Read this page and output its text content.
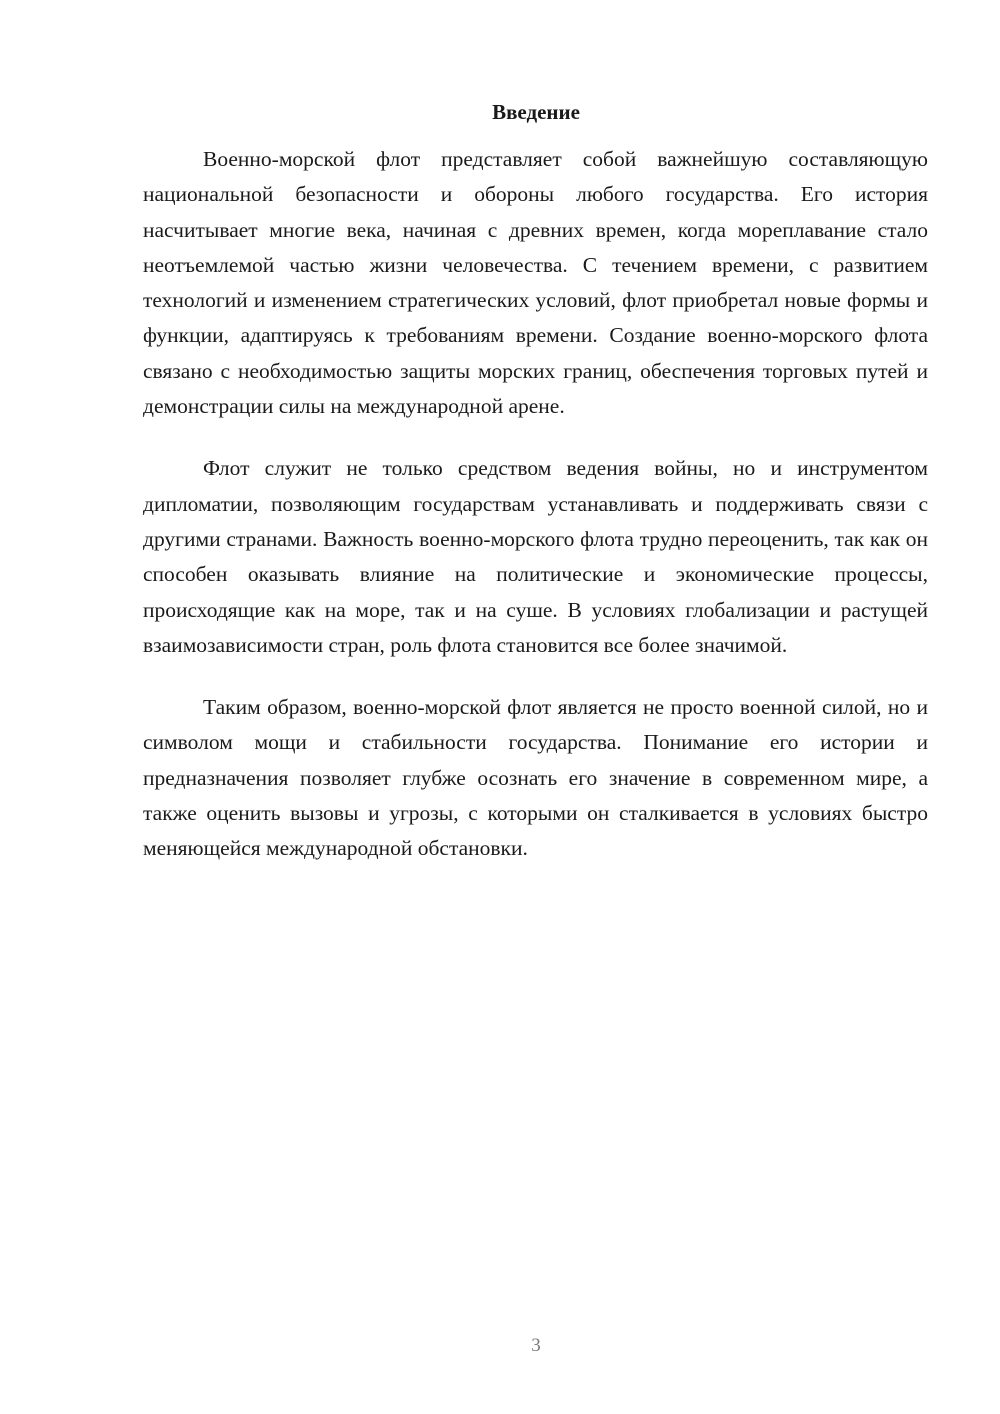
Введение

Военно-морской флот представляет собой важнейшую составляющую национальной безопасности и обороны любого государства. Его история насчитывает многие века, начиная с древних времен, когда мореплавание стало неотъемлемой частью жизни человечества. С течением времени, с развитием технологий и изменением стратегических условий, флот приобретал новые формы и функции, адаптируясь к требованиям времени. Создание военно-морского флота связано с необходимостью защиты морских границ, обеспечения торговых путей и демонстрации силы на международной арене.

Флот служит не только средством ведения войны, но и инструментом дипломатии, позволяющим государствам устанавливать и поддерживать связи с другими странами. Важность военно-морского флота трудно переоценить, так как он способен оказывать влияние на политические и экономические процессы, происходящие как на море, так и на суше. В условиях глобализации и растущей взаимозависимости стран, роль флота становится все более значимой.

Таким образом, военно-морской флот является не просто военной силой, но и символом мощи и стабильности государства. Понимание его истории и предназначения позволяет глубже осознать его значение в современном мире, а также оценить вызовы и угрозы, с которыми он сталкивается в условиях быстро меняющейся международной обстановки.

3
